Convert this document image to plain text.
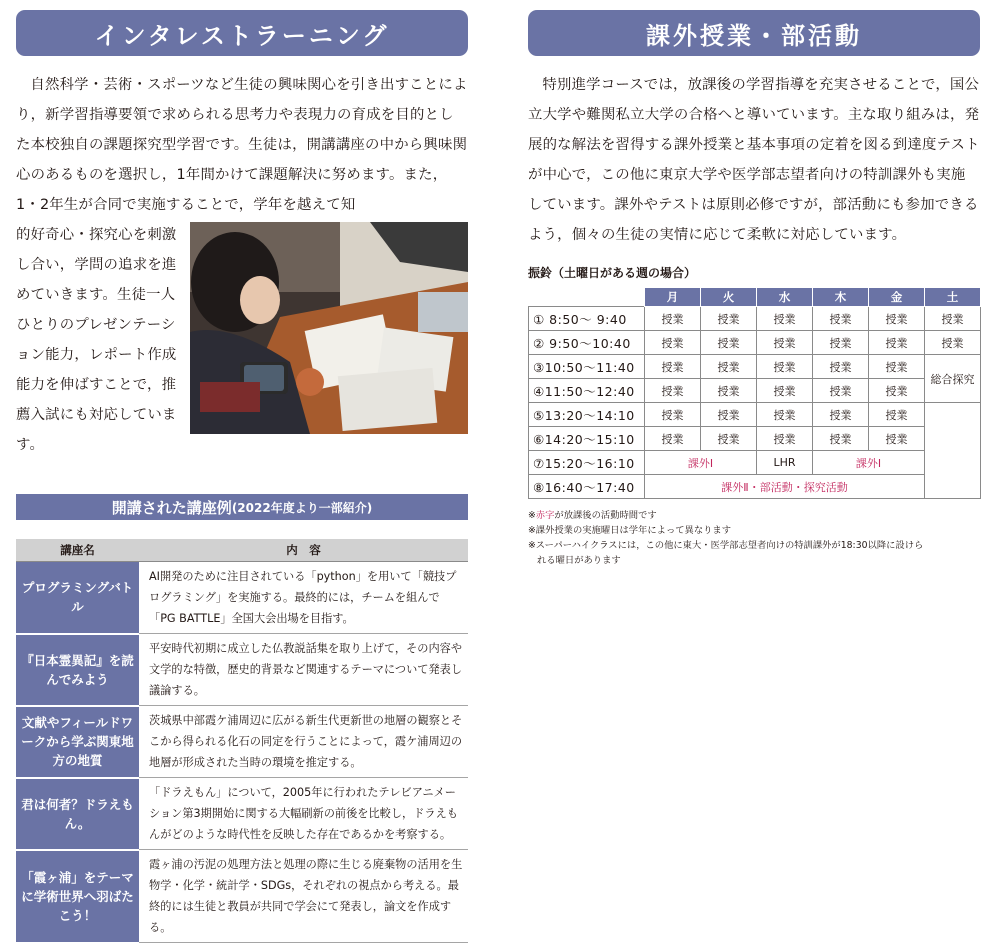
インタレストラーニング

自然科学・芸術・スポーツなど生徒の興味関心を引き出すことにより，新学習指導要領で求められる思考力や表現力の育成を目的とした本校独自の課題探究型学習です。生徒は，開講講座の中から興味関心のあるものを選択し，1年間かけて課題解決に努めます。また，1・2年生が合同で実施することで，学年を越えて知

的好奇心・探究心を刺激し合い，学問の追求を進めていきます。生徒一人ひとりのプレゼンテーション能力，レポート作成能力を伸ばすことで，推薦入試にも対応しています。

開講された講座例 (2022年度より一部紹介)
講座名	内　容
プログラミングバトル	AI開発のために注目されている「python」を用いて「競技プログラミング」を実施する。最終的には，チームを組んで「PG BATTLE」全国大会出場を目指す。
『日本霊異記』を読んでみよう	平安時代初期に成立した仏教説話集を取り上げて，その内容や文学的な特徴，歴史的背景など関連するテーマについて発表し議論する。
文献やフィールドワークから学ぶ関東地方の地質	茨城県中部霞ケ浦周辺に広がる新生代更新世の地層の観察とそこから得られる化石の同定を行うことによって，霞ケ浦周辺の地層が形成された当時の環境を推定する。
君は何者？ドラえもん。	「ドラえもん」について，2005年に行われたテレビアニメーション第3期開始に関する大幅刷新の前後を比較し，ドラえもんがどのような時代性を反映した存在であるかを考察する。
「霞ヶ浦」をテーマに学術世界へ羽ばたこう！	霞ヶ浦の汚泥の処理方法と処理の際に生じる廃棄物の活用を生物学・化学・統計学・SDGs，それぞれの視点から考える。最終的には生徒と教員が共同で学会にて発表し，論文を作成する。
課外授業・部活動

特別進学コースでは，放課後の学習指導を充実させることで，国公立大学や難関私立大学の合格へと導いています。主な取り組みは，発展的な解法を習得する課外授業と基本事項の定着を図る到達度テストが中心で，この他に東京大学や医学部志望者向けの特訓課外も実施しています。課外やテストは原則必修ですが，部活動にも参加できるよう，個々の生徒の実情に応じて柔軟に対応しています。

振鈴（土曜日がある週の場合）
	月	火	水	木	金	土
① 8:50〜 9:40	授業	授業	授業	授業	授業	授業
② 9:50〜10:40	授業	授業	授業	授業	授業	授業
③10:50〜11:40	授業	授業	授業	授業	授業	総合探究
④11:50〜12:40	授業	授業	授業	授業	授業	
⑤13:20〜14:10	授業	授業	授業	授業	授業	
⑥14:20〜15:10	授業	授業	授業	授業	授業	
⑦15:20〜16:10	課外Ⅰ		LHR	課外Ⅰ		
⑧16:40〜17:40	課外Ⅱ・部活動・探究活動					

※赤字が放課後の活動時間です

※課外授業の実施曜日は学年によって異なります

※スーパーハイクラスには，この他に東大・医学部志望者向けの特訓課外が18:30以降に設けら

れる曜日があります
